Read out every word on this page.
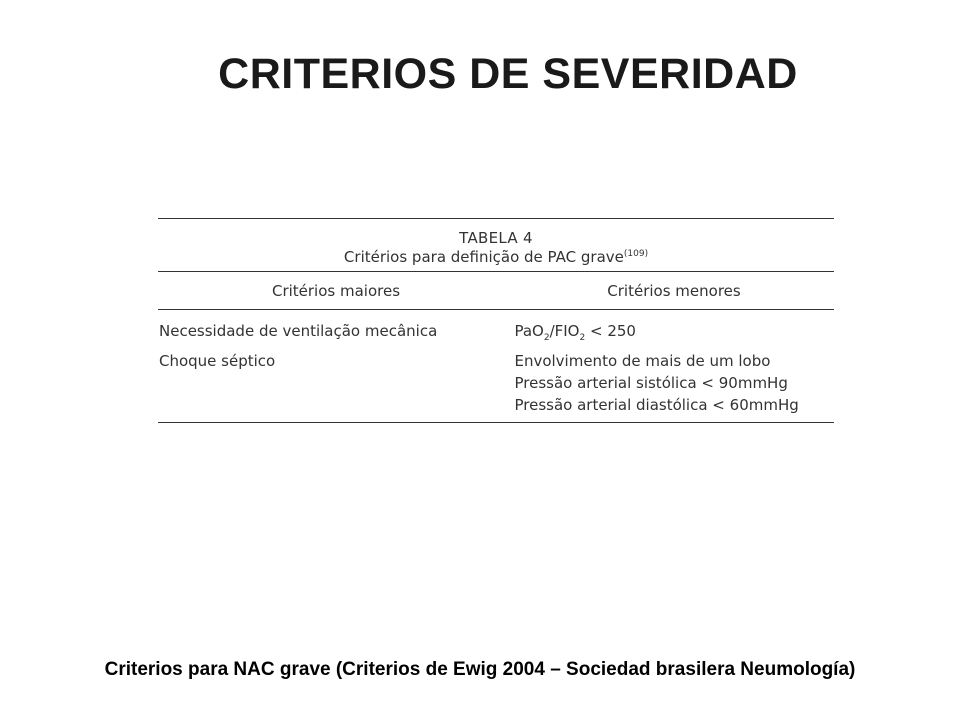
CRITERIOS DE SEVERIDAD
TABELA 4
Critérios para definição de PAC grave$^{(109)}$
Critérios maiores	Critérios menores
Necessidade de ventilação mecânica
Choque séptico
$PaO_2/FIO_2 < 250$
Envolvimento de mais de um lobo
Pressão arterial sistólica < 90mmHg
Pressão arterial diastólica < 60mmHg

Criterios para NAC grave (Criterios de Ewig 2004 – Sociedad brasilera Neumología)
